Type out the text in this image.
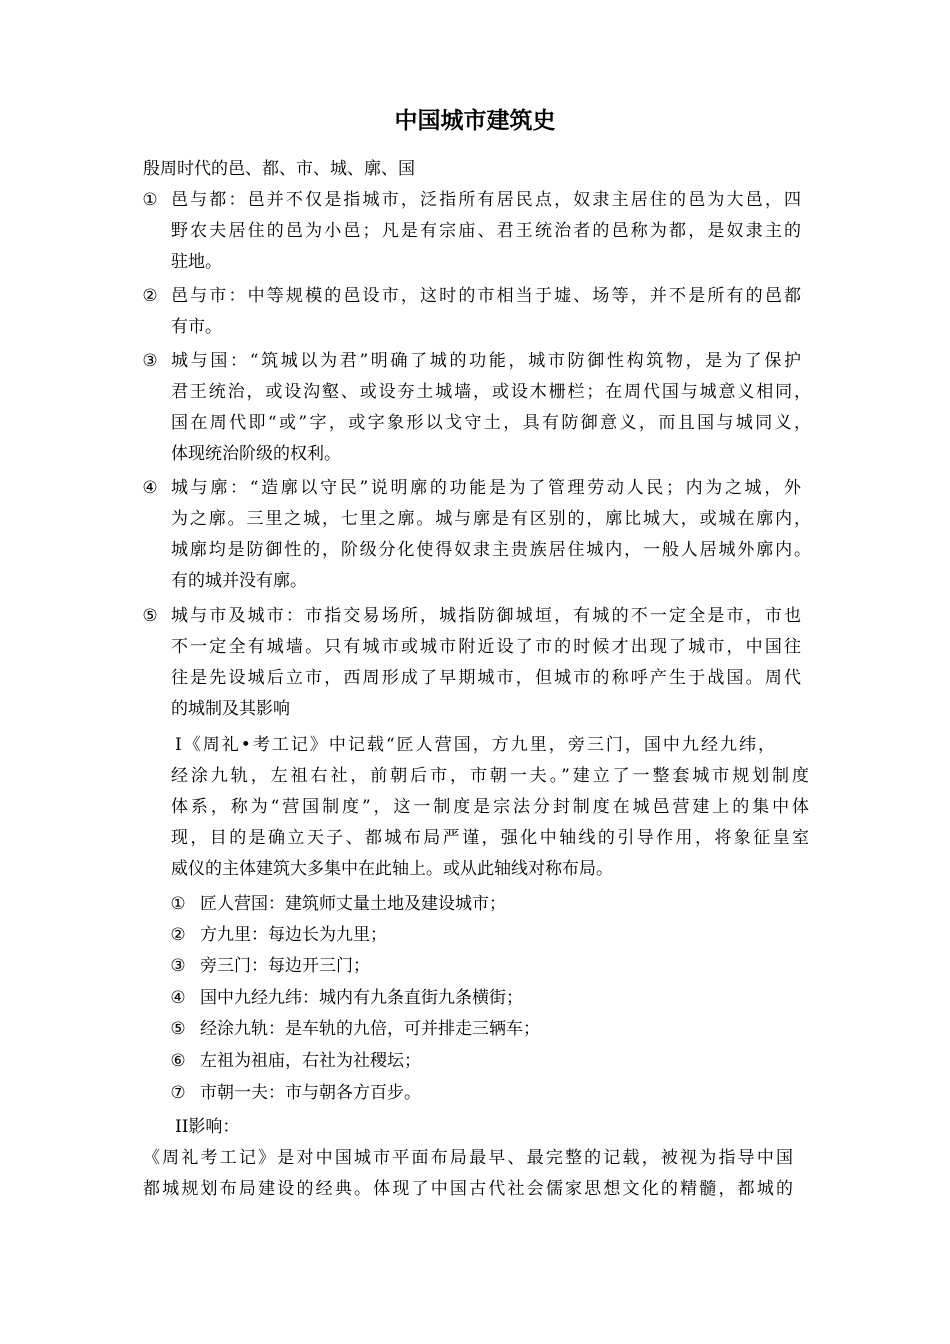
中国城市建筑史
殷周时代的邑、都、市、城、廓、国
① 邑与都：邑并不仅是指城市，泛指所有居民点，奴隶主居住的邑为大邑，四
野农夫居住的邑为小邑；凡是有宗庙、君王统治者的邑称为都，是奴隶主的
驻地。
② 邑与市：中等规模的邑设市，这时的市相当于墟、场等，并不是所有的邑都
有市。
③ 城与国：“筑城以为君”明确了城的功能，城市防御性构筑物，是为了保护
君王统治，或设沟壑、或设夯土城墙，或设木栅栏；在周代国与城意义相同，
国在周代即“或”字，或字象形以戈守土，具有防御意义，而且国与城同义，
体现统治阶级的权利。
④ 城与廓：“造廓以守民”说明廓的功能是为了管理劳动人民；内为之城，外
为之廓。三里之城，七里之廓。城与廓是有区别的，廓比城大，或城在廓内，
城廓均是防御性的，阶级分化使得奴隶主贵族居住城内，一般人居城外廓内。
有的城并没有廓。
⑤ 城与市及城市：市指交易场所，城指防御城垣，有城的不一定全是市，市也
不一定全有城墙。只有城市或城市附近设了市的时候才出现了城市，中国往
往是先设城后立市，西周形成了早期城市，但城市的称呼产生于战国。周代
的城制及其影响
Ⅰ《周礼•考工记》中记载“匠人营国，方九里，旁三门，国中九经九纬，
经涂九轨，左祖右社，前朝后市，市朝一夫。”建立了一整套城市规划制度
体系，称为“营国制度”，这一制度是宗法分封制度在城邑营建上的集中体
现，目的是确立天子、都城布局严谨，强化中轴线的引导作用，将象征皇室
威仪的主体建筑大多集中在此轴上。或从此轴线对称布局。
① 匠人营国：建筑师丈量土地及建设城市；
② 方九里：每边长为九里；
③ 旁三门：每边开三门；
④ 国中九经九纬：城内有九条直街九条横街；
⑤ 经涂九轨：是车轨的九倍，可并排走三辆车；
⑥ 左祖为祖庙，右社为社稷坛；
⑦ 市朝一夫：市与朝各方百步。
II影响：
《周礼考工记》是对中国城市平面布局最早、最完整的记载，被视为指导中国
都城规划布局建设的经典。体现了中国古代社会儒家思想文化的精髓，都城的
